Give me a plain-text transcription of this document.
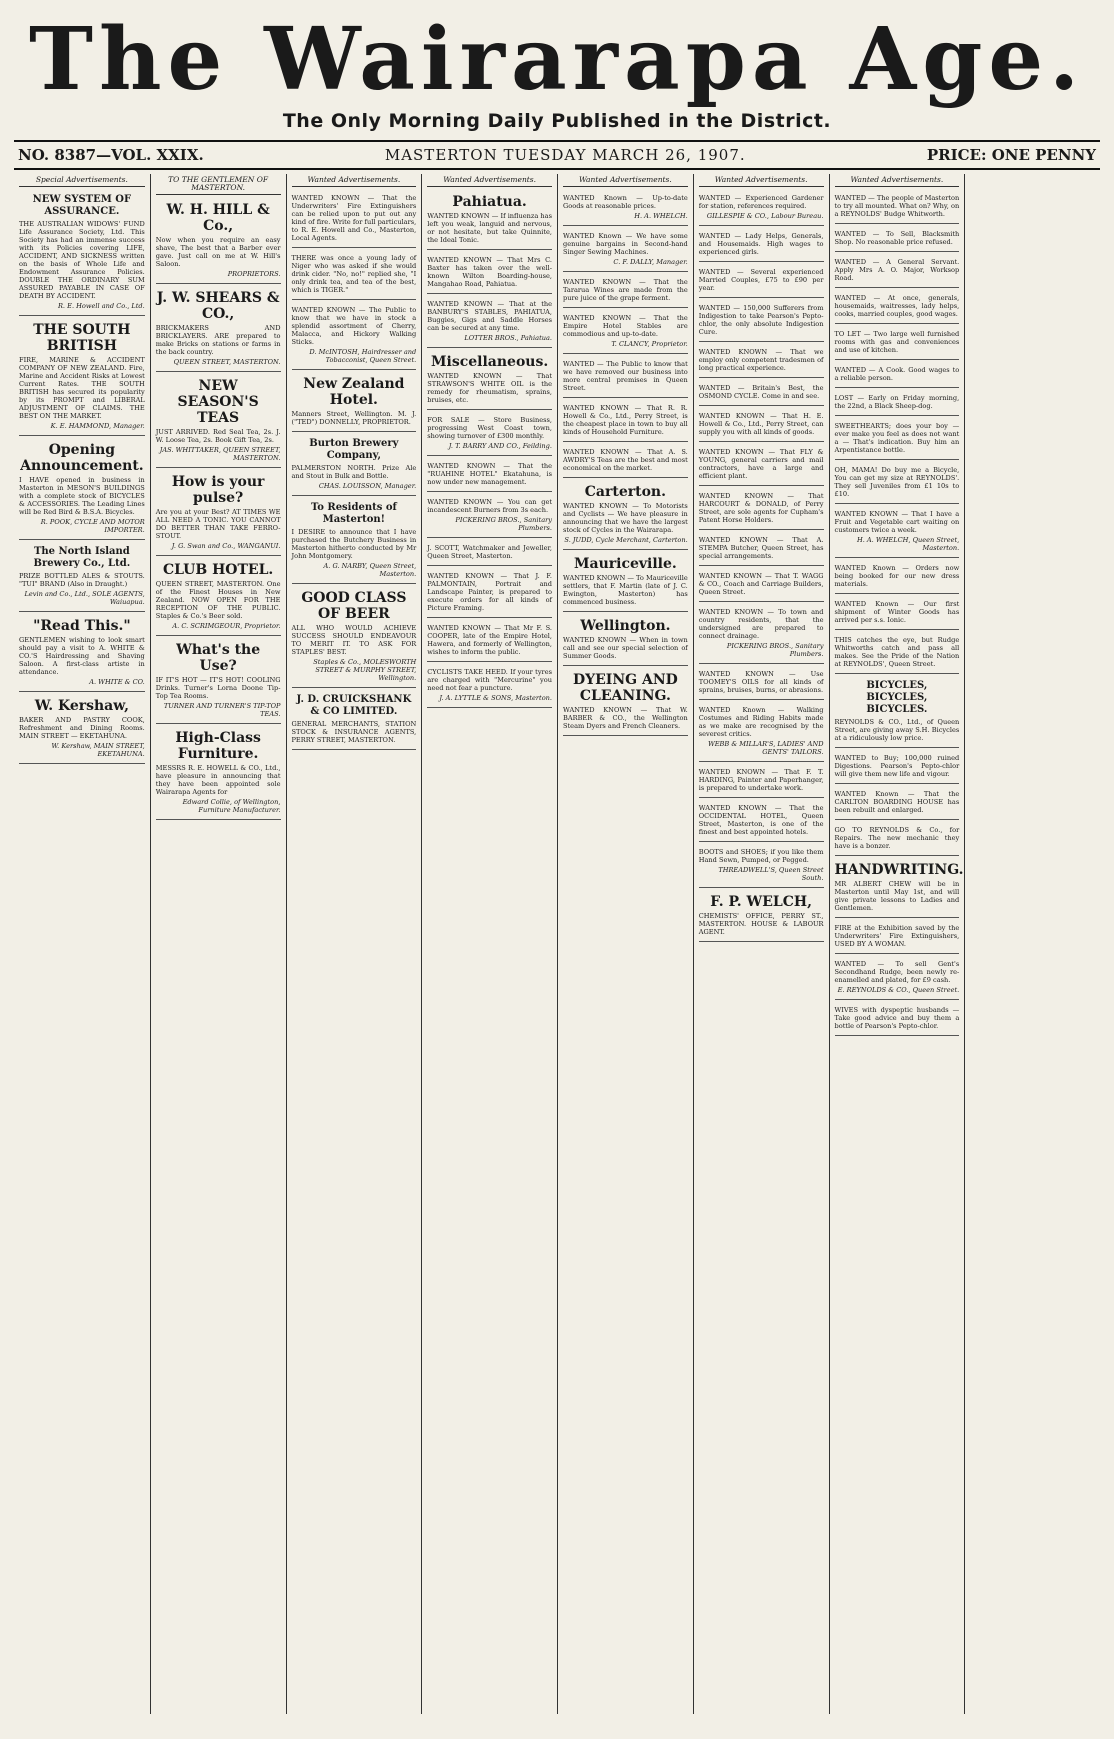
The Wairarapa Age.
The Only Morning Daily Published in the District.
NO. 8387—VOL. XXIX.	MASTERTON TUESDAY MARCH 26, 1907.	PRICE: ONE PENNY
Special Advertisements.
NEW SYSTEM OF ASSURANCE.
THE AUSTRALIAN WIDOWS' FUND Life Assurance Society, Ltd. This Society has had an immense success with its Policies covering LIFE, ACCIDENT, AND SICKNESS written on the basis of Whole Life and Endowment Assurance Policies. DOUBLE THE ORDINARY SUM ASSURED PAYABLE IN CASE OF DEATH BY ACCIDENT.
R. E. Howell and Co., Ltd.
THE SOUTH BRITISH
FIRE, MARINE & ACCIDENT COMPANY OF NEW ZEALAND. Fire, Marine and Accident Risks at Lowest Current Rates. THE SOUTH BRITISH has secured its popularity by its PROMPT and LIBERAL ADJUSTMENT OF CLAIMS. THE BEST ON THE MARKET.
K. E. HAMMOND, Manager.
Opening Announcement.
I HAVE opened in business in Masterton in MESON'S BUILDINGS with a complete stock of BICYCLES & ACCESSORIES. The Leading Lines will be Red Bird & B.S.A. Bicycles.
R. POOK, CYCLE AND MOTOR IMPORTER.
The North Island Brewery Co., Ltd.
PRIZE BOTTLED ALES & STOUTS. "TUI" BRAND (Also in Draught.)
Levin and Co., Ltd., SOLE AGENTS, Waiuapua.
"Read This."
GENTLEMEN wishing to look smart should pay a visit to A. WHITE & CO.'S Hairdressing and Shaving Saloon. A first-class artiste in attendance.
A. WHITE & CO.
W. Kershaw,
BAKER AND PASTRY COOK, Refreshment and Dining Rooms. MAIN STREET — EKETAHUNA.
W. Kershaw, MAIN STREET, EKETAHUNA.
TO THE GENTLEMEN OF MASTERTON.
W. H. HILL & Co.,
Now when you require an easy shave, The best that a Barber ever gave. Just call on me at W. Hill's Saloon.
PROPRIETORS.
J. W. SHEARS & CO.,
BRICKMAKERS AND BRICKLAYERS. ARE prepared to make Bricks on stations or farms in the back country.
QUEEN STREET, MASTERTON.
NEW SEASON'S TEAS
JUST ARRIVED. Red Seal Tea, 2s. J. W. Loose Tea, 2s. Book Gift Tea, 2s.
JAS. WHITTAKER, QUEEN STREET, MASTERTON.
How is your pulse?
Are you at your Best? AT TIMES WE ALL NEED A TONIC. YOU CANNOT DO BETTER THAN TAKE FERRO-STOUT.
J. G. Swan and Co., WANGANUI.
CLUB HOTEL.
QUEEN STREET, MASTERTON. One of the Finest Houses in New Zealand. NOW OPEN FOR THE RECEPTION OF THE PUBLIC. Staples & Co.'s Beer sold.
A. C. SCRIMGEOUR, Proprietor.
What's the Use?
IF IT'S HOT — IT'S HOT! COOLING Drinks. Turner's Lorna Doone Tip-Top Tea Rooms.
TURNER AND TURNER'S TIP-TOP TEAS.
High-Class Furniture.
MESSRS R. E. HOWELL & CO., Ltd., have pleasure in announcing that they have been appointed sole Wairarapa Agents for
Edward Collie, of Wellington, Furniture Manufacturer.
Wanted Advertisements.
WANTED KNOWN — That the Underwriters' Fire Extinguishers can be relied upon to put out any kind of fire. Write for full particulars, to R. E. Howell and Co., Masterton, Local Agents.
THERE was once a young lady of Niger who was asked if she would drink cider. "No, no!" replied she, "I only drink tea, and tea of the best, which is TIGER."
WANTED KNOWN — The Public to know that we have in stock a splendid assortment of Cherry, Malacca, and Hickory Walking Sticks.
D. McINTOSH, Hairdresser and Tobacconist, Queen Street.
New Zealand Hotel.
Manners Street, Wellington. M. J. ("TED") DONNELLY, PROPRIETOR.
Burton Brewery Company,
PALMERSTON NORTH. Prize Ale and Stout in Bulk and Bottle.
CHAS. LOUISSON, Manager.
To Residents of Masterton!
I DESIRE to announce that I have purchased the Butchery Business in Masterton hitherto conducted by Mr John Montgomery.
A. G. NARBY, Queen Street, Masterton.
GOOD CLASS OF BEER
ALL WHO WOULD ACHIEVE SUCCESS SHOULD ENDEAVOUR TO MERIT IT. TO ASK FOR STAPLES' BEST.
Staples & Co., MOLESWORTH STREET & MURPHY STREET, Wellington.
J. D. CRUICKSHANK & CO LIMITED.
GENERAL MERCHANTS, STATION STOCK & INSURANCE AGENTS, PERRY STREET, MASTERTON.
Wanted Advertisements.
Pahiatua.
WANTED KNOWN — If influenza has left you weak, languid and nervous, or not hesitate, but take Quinnite, the Ideal Tonic.
WANTED KNOWN — That Mrs C. Baxter has taken over the well-known Wilton Boarding-house, Mangahao Road, Pahiatua.
WANTED KNOWN — That at the BANBURY'S STABLES, PAHIATUA, Buggies, Gigs and Saddle Horses can be secured at any time.
LOTTER BROS., Pahiatua.
Miscellaneous.
WANTED KNOWN — That STRAWSON'S WHITE OIL is the remedy for rheumatism, sprains, bruises, etc.
FOR SALE — Store Business, progressing West Coast town, showing turnover of £300 monthly.
J. T. BARRY AND CO., Feilding.
WANTED KNOWN — That the "RUAHINE HOTEL" Ekatahuna, is now under new management.
WANTED KNOWN — You can get incandescent Burners from 3s each.
PICKERING BROS., Sanitary Plumbers.
J. SCOTT, Watchmaker and Jeweller, Queen Street, Masterton.
WANTED KNOWN — That J. F. PALMONTAIN, Portrait and Landscape Painter, is prepared to execute orders for all kinds of Picture Framing.
WANTED KNOWN — That Mr F. S. COOPER, late of the Empire Hotel, Hawera, and formerly of Wellington, wishes to inform the public.
CYCLISTS TAKE HEED. If your tyres are charged with "Mercurine" you need not fear a puncture.
J. A. LYTTLE & SONS, Masterton.
Wanted Advertisements.
WANTED Known — Up-to-date Goods at reasonable prices.
H. A. WHELCH.
WANTED Known — We have some genuine bargains in Second-hand Singer Sewing Machines.
C. F. DALLY, Manager.
WANTED KNOWN — That the Tararua Wines are made from the pure juice of the grape ferment.
WANTED KNOWN — That the Empire Hotel Stables are commodious and up-to-date.
T. CLANCY, Proprietor.
WANTED — The Public to know that we have removed our business into more central premises in Queen Street.
WANTED KNOWN — That R. R. Howell & Co., Ltd., Perry Street, is the cheapest place in town to buy all kinds of Household Furniture.
WANTED KNOWN — That A. S. AWDRY'S Teas are the best and most economical on the market.
Carterton.
WANTED KNOWN — To Motorists and Cyclists — We have pleasure in announcing that we have the largest stock of Cycles in the Wairarapa.
S. JUDD, Cycle Merchant, Carterton.
Mauriceville.
WANTED KNOWN — To Mauriceville settlers, that F. Martin (late of J. C. Ewington, Masterton) has commenced business.
Wellington.
WANTED KNOWN — When in town call and see our special selection of Summer Goods.
DYEING AND CLEANING.
WANTED KNOWN — That W. BARBER & CO., the Wellington Steam Dyers and French Cleaners.
Wanted Advertisements.
WANTED — Experienced Gardener for station, references required.
GILLESPIE & CO., Labour Bureau.
WANTED — Lady Helps, Generals, and Housemaids. High wages to experienced girls.
WANTED — Several experienced Married Couples, £75 to £90 per year.
WANTED — 150,000 Sufferers from Indigestion to take Pearson's Pepto-chlor, the only absolute Indigestion Cure.
WANTED KNOWN — That we employ only competent tradesmen of long practical experience.
WANTED — Britain's Best, the OSMOND CYCLE. Come in and see.
WANTED KNOWN — That H. E. Howell & Co., Ltd., Perry Street, can supply you with all kinds of goods.
WANTED KNOWN — That FLY & YOUNG, general carriers and mail contractors, have a large and efficient plant.
WANTED KNOWN — That HARCOURT & DONALD, of Perry Street, are sole agents for Cupham's Patent Horse Holders.
WANTED KNOWN — That A. STEMPA Butcher, Queen Street, has special arrangements.
WANTED KNOWN — That T. WAGG & CO., Coach and Carriage Builders, Queen Street.
WANTED KNOWN — To town and country residents, that the undersigned are prepared to connect drainage.
PICKERING BROS., Sanitary Plumbers.
WANTED KNOWN — Use TOOMEY'S OILS for all kinds of sprains, bruises, burns, or abrasions.
WANTED Known — Walking Costumes and Riding Habits made as we make are recognised by the severest critics.
WEBB & MILLAR'S, LADIES' AND GENTS' TAILORS.
WANTED KNOWN — That F. T. HARDING, Painter and Paperhanger, is prepared to undertake work.
WANTED KNOWN — That the OCCIDENTAL HOTEL, Queen Street, Masterton, is one of the finest and best appointed hotels.
BOOTS and SHOES; if you like them Hand Sewn, Pumped, or Pegged.
THREADWELL'S, Queen Street South.
F. P. WELCH,
CHEMISTS' OFFICE, PERRY ST., MASTERTON. HOUSE & LABOUR AGENT.
Wanted Advertisements.
WANTED — The people of Masterton to try all mounted. What on? Why, on a REYNOLDS' Budge Whitworth.
WANTED — To Sell, Blacksmith Shop. No reasonable price refused.
WANTED — A General Servant. Apply Mrs A. O. Major, Worksop Road.
WANTED — At once, generals, housemaids, waitresses, lady helps, cooks, married couples, good wages.
TO LET — Two large well furnished rooms with gas and conveniences and use of kitchen.
WANTED — A Cook. Good wages to a reliable person.
LOST — Early on Friday morning, the 22nd, a Black Sheep-dog.
SWEETHEARTS; does your boy — ever make you feel as does not want a — That's indication. Buy him an Arpentistance bottle.
OH, MAMA! Do buy me a Bicycle, You can get my size at REYNOLDS'. They sell Juveniles from £1 10s to £10.
WANTED KNOWN — That I have a Fruit and Vegetable cart waiting on customers twice a week.
H. A. WHELCH, Queen Street, Masterton.
WANTED Known — Orders now being booked for our new dress materials.
WANTED Known — Our first shipment of Winter Goods has arrived per s.s. Ionic.
THIS catches the eye, but Rudge Whitworths catch and pass all makes. See the Pride of the Nation at REYNOLDS', Queen Street.
BICYCLES, BICYCLES, BICYCLES.
REYNOLDS & CO., Ltd., of Queen Street, are giving away S.H. Bicycles at a ridiculously low price.
WANTED to Buy; 100,000 ruined Digestions. Pearson's Pepto-chlor will give them new life and vigour.
WANTED Known — That the CARLTON BOARDING HOUSE has been rebuilt and enlarged.
GO TO REYNOLDS & Co., for Repairs. The new mechanic they have is a bonzer.
HANDWRITING.
MR ALBERT CHEW will be in Masterton until May 1st, and will give private lessons to Ladies and Gentlemen.
FIRE at the Exhibition saved by the Underwriters' Fire Extinguishers, USED BY A WOMAN.
WANTED — To sell Gent's Secondhand Rudge, been newly re-enamelled and plated, for £9 cash.
E. REYNOLDS & CO., Queen Street.
WIVES with dyspeptic husbands — Take good advice and buy them a bottle of Pearson's Pepto-chlor.
